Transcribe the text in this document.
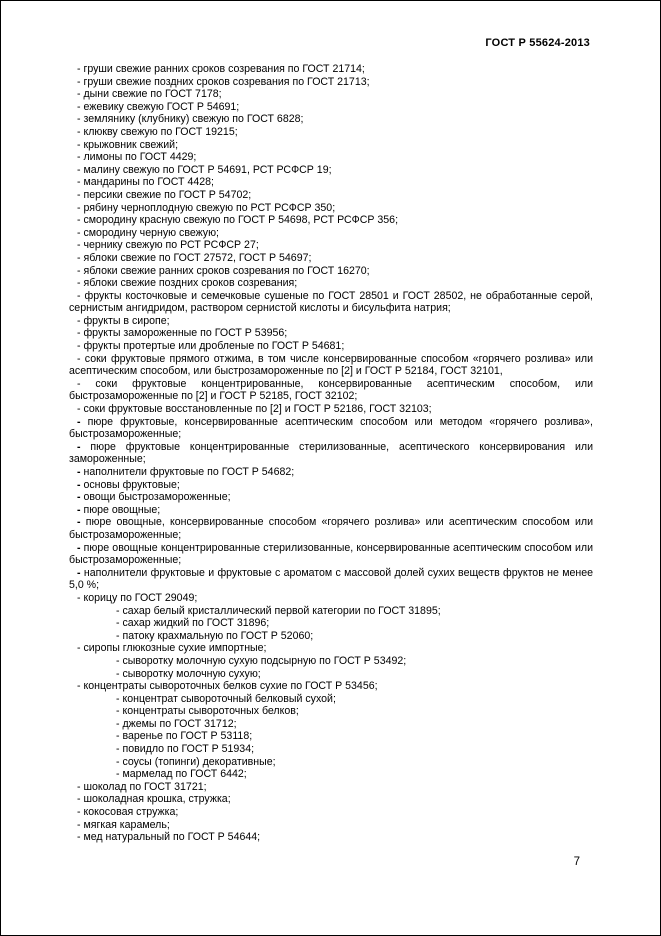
ГОСТ Р 55624-2013

- груши свежие ранних сроков созревания по ГОСТ 21714;

- груши свежие поздних сроков созревания по ГОСТ 21713;

- дыни свежие по ГОСТ 7178;

- ежевику свежую ГОСТ Р 54691;

- землянику (клубнику) свежую по ГОСТ 6828;

- клюкву свежую по ГОСТ 19215;

- крыжовник свежий;

- лимоны по ГОСТ 4429;

- малину свежую по ГОСТ Р 54691, РСТ РСФСР 19;

- мандарины по ГОСТ 4428;

- персики свежие по ГОСТ Р 54702;

- рябину черноплодную свежую по РСТ РСФСР 350;

- смородину красную свежую по ГОСТ Р 54698, РСТ РСФСР 356;

- смородину черную свежую;

- чернику свежую по РСТ РСФСР 27;

- яблоки свежие по ГОСТ 27572, ГОСТ Р 54697;

- яблоки свежие ранних сроков созревания по ГОСТ 16270;

- яблоки свежие поздних сроков созревания;

- фрукты косточковые и семечковые сушеные по ГОСТ 28501 и ГОСТ 28502, не обработанные серой, сернистым ангидридом, раствором сернистой кислоты и бисульфита натрия;

- фрукты в сиропе;

- фрукты замороженные по ГОСТ Р 53956;

- фрукты протертые или дробленые по ГОСТ Р 54681;

- соки фруктовые прямого отжима, в том числе консервированные способом «горячего розлива» или асептическим способом, или быстрозамороженные по [2] и ГОСТ Р 52184, ГОСТ 32101,

- соки фруктовые концентрированные, консервированные асептическим способом, или быстрозамороженные по [2] и ГОСТ Р 52185, ГОСТ 32102;

- соки фруктовые восстановленные по [2] и ГОСТ Р 52186, ГОСТ 32103;

- пюре фруктовые, консервированные асептическим способом или методом «горячего розлива», быстрозамороженные;

- пюре фруктовые концентрированные стерилизованные, асептического консервирования или замороженные;

- наполнители фруктовые по ГОСТ Р 54682;

- основы фруктовые;

- овощи быстрозамороженные;

- пюре овощные;

- пюре овощные, консервированные способом «горячего розлива» или асептическим способом или быстрозамороженные;

- пюре овощные концентрированные стерилизованные, консервированные асептическим способом или быстрозамороженные;

- наполнители фруктовые и фруктовые с ароматом с массовой долей сухих веществ фруктов не менее 5,0 %;

- корицу по ГОСТ 29049;

- сахар белый кристаллический первой категории по ГОСТ 31895;

- сахар жидкий по ГОСТ 31896;

- патоку крахмальную по ГОСТ Р 52060;

- сиропы глюкозные сухие импортные;

- сыворотку молочную сухую подсырную по ГОСТ Р 53492;

- сыворотку молочную сухую;

- концентраты сывороточных белков сухие по ГОСТ Р 53456;

- концентрат сывороточный белковый сухой;

- концентраты сывороточных белков;

- джемы по ГОСТ 31712;

- варенье по ГОСТ Р 53118;

- повидло по ГОСТ Р 51934;

- соусы (топинги) декоративные;

- мармелад по ГОСТ 6442;

- шоколад по ГОСТ 31721;

- шоколадная крошка, стружка;

- кокосовая стружка;

- мягкая карамель;

- мед натуральный по ГОСТ Р 54644;

7
